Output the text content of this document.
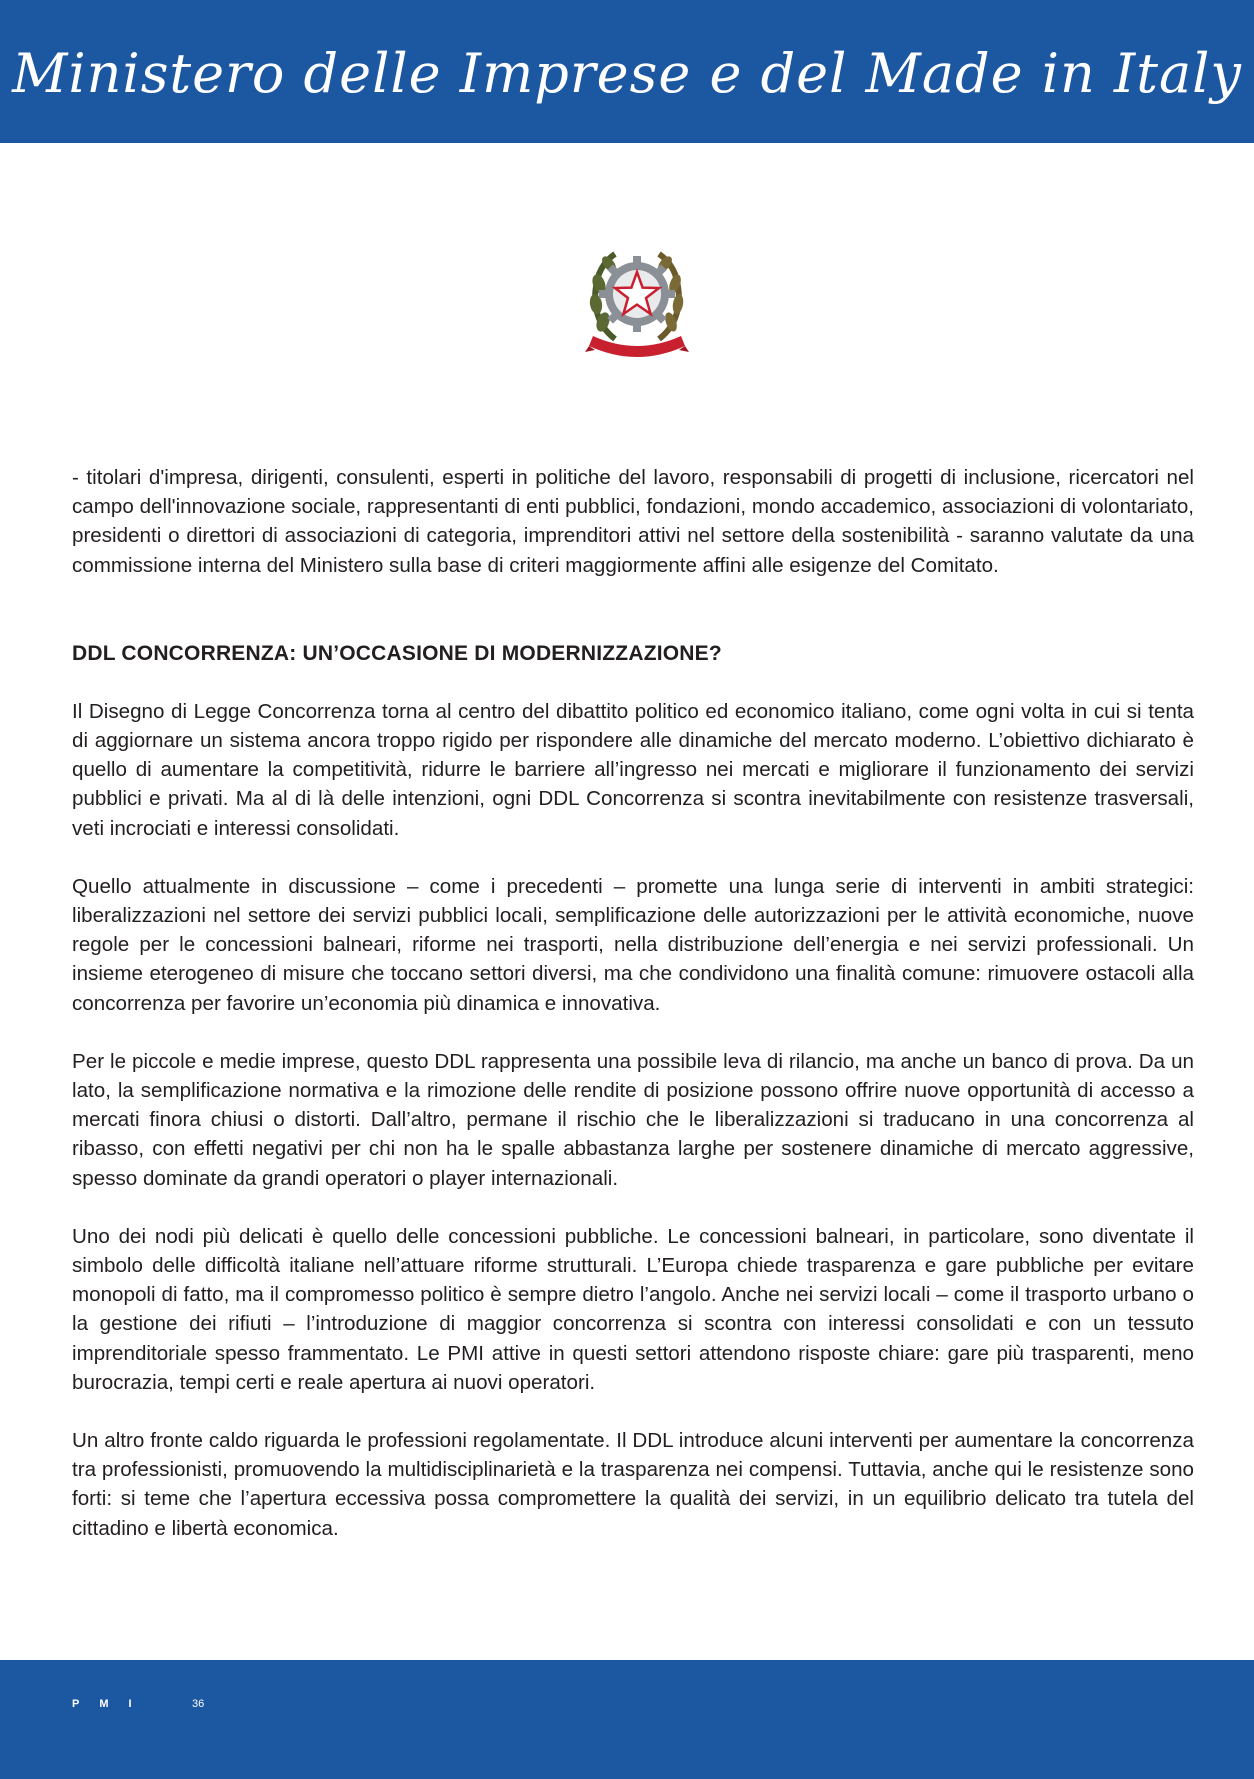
Ministero delle Imprese e del Made in Italy

- titolari d'impresa, dirigenti, consulenti, esperti in politiche del lavoro, responsabili di progetti di inclusione, ricercatori nel campo dell'innovazione sociale, rappresentanti di enti pubblici, fondazioni, mondo accademico, associazioni di volontariato, presidenti o direttori di associazioni di categoria, imprenditori attivi nel settore della sostenibilità - saranno valutate da una commissione interna del Ministero sulla base di criteri maggiormente affini alle esigenze del Comitato.

DDL CONCORRENZA: UN’OCCASIONE DI MODERNIZZAZIONE?

Il Disegno di Legge Concorrenza torna al centro del dibattito politico ed economico italiano, come ogni volta in cui si tenta di aggiornare un sistema ancora troppo rigido per rispondere alle dinamiche del mercato moderno. L’obiettivo dichiarato è quello di aumentare la competitività, ridurre le barriere all’ingresso nei mercati e migliorare il funzionamento dei servizi pubblici e privati. Ma al di là delle intenzioni, ogni DDL Concorrenza si scontra inevitabilmente con resistenze trasversali, veti incrociati e interessi consolidati.

Quello attualmente in discussione – come i precedenti – promette una lunga serie di interventi in ambiti strategici: liberalizzazioni nel settore dei servizi pubblici locali, semplificazione delle autorizzazioni per le attività economiche, nuove regole per le concessioni balneari, riforme nei trasporti, nella distribuzione dell’energia e nei servizi professionali. Un insieme eterogeneo di misure che toccano settori diversi, ma che condividono una finalità comune: rimuovere ostacoli alla concorrenza per favorire un’economia più dinamica e innovativa.

Per le piccole e medie imprese, questo DDL rappresenta una possibile leva di rilancio, ma anche un banco di prova. Da un lato, la semplificazione normativa e la rimozione delle rendite di posizione possono offrire nuove opportunità di accesso a mercati finora chiusi o distorti. Dall’altro, permane il rischio che le liberalizzazioni si traducano in una concorrenza al ribasso, con effetti negativi per chi non ha le spalle abbastanza larghe per sostenere dinamiche di mercato aggressive, spesso dominate da grandi operatori o player internazionali.

Uno dei nodi più delicati è quello delle concessioni pubbliche. Le concessioni balneari, in particolare, sono diventate il simbolo delle difficoltà italiane nell’attuare riforme strutturali. L’Europa chiede trasparenza e gare pubbliche per evitare monopoli di fatto, ma il compromesso politico è sempre dietro l’angolo. Anche nei servizi locali – come il trasporto urbano o la gestione dei rifiuti – l’introduzione di maggior concorrenza si scontra con interessi consolidati e con un tessuto imprenditoriale spesso frammentato. Le PMI attive in questi settori attendono risposte chiare: gare più trasparenti, meno burocrazia, tempi certi e reale apertura ai nuovi operatori.

Un altro fronte caldo riguarda le professioni regolamentate. Il DDL introduce alcuni interventi per aumentare la concorrenza tra professionisti, promuovendo la multidisciplinarietà e la trasparenza nei compensi. Tuttavia, anche qui le resistenze sono forti: si teme che l’apertura eccessiva possa compromettere la qualità dei servizi, in un equilibrio delicato tra tutela del cittadino e libertà economica.

PMI	36
